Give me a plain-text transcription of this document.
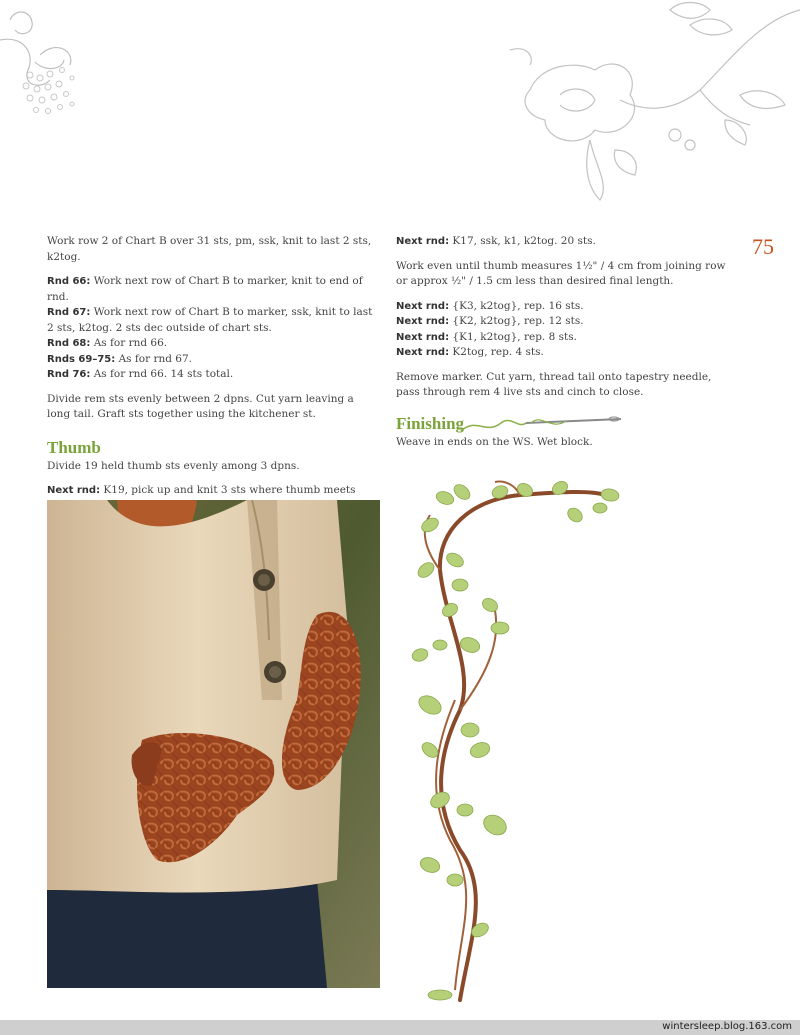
75

Work row 2 of Chart B over 31 sts, pm, ssk, knit to last 2 sts, k2tog.

Rnd 66: Work next row of Chart B to marker, knit to end of rnd.

Rnd 67: Work next row of Chart B to marker, ssk, knit to last 2 sts, k2tog. 2 sts dec outside of chart sts.

Rnd 68: As for rnd 66.

Rnds 69–75: As for rnd 67.

Rnd 76: As for rnd 66. 14 sts total.

Divide rem sts evenly between 2 dpns. Cut yarn leaving a long tail. Graft sts together using the kitchener st.

Thumb

Divide 19 held thumb sts evenly among 3 dpns.

Next rnd: K19, pick up and knit 3 sts where thumb meets

Next rnd: K17, ssk, k1, k2tog. 20 sts.

Work even until thumb measures 1½" / 4 cm from joining row or approx ½" / 1.5 cm less than desired final length.

Next rnd: {K3, k2tog}, rep. 16 sts.

Next rnd: {K2, k2tog}, rep. 12 sts.

Next rnd: {K1, k2tog}, rep. 8 sts.

Next rnd: K2tog, rep. 4 sts.

Remove marker. Cut yarn, thread tail onto tapestry needle, pass through rem 4 live sts and cinch to close.

Finishing

Weave in ends on the WS. Wet block.

wintersleep.blog.163.com
